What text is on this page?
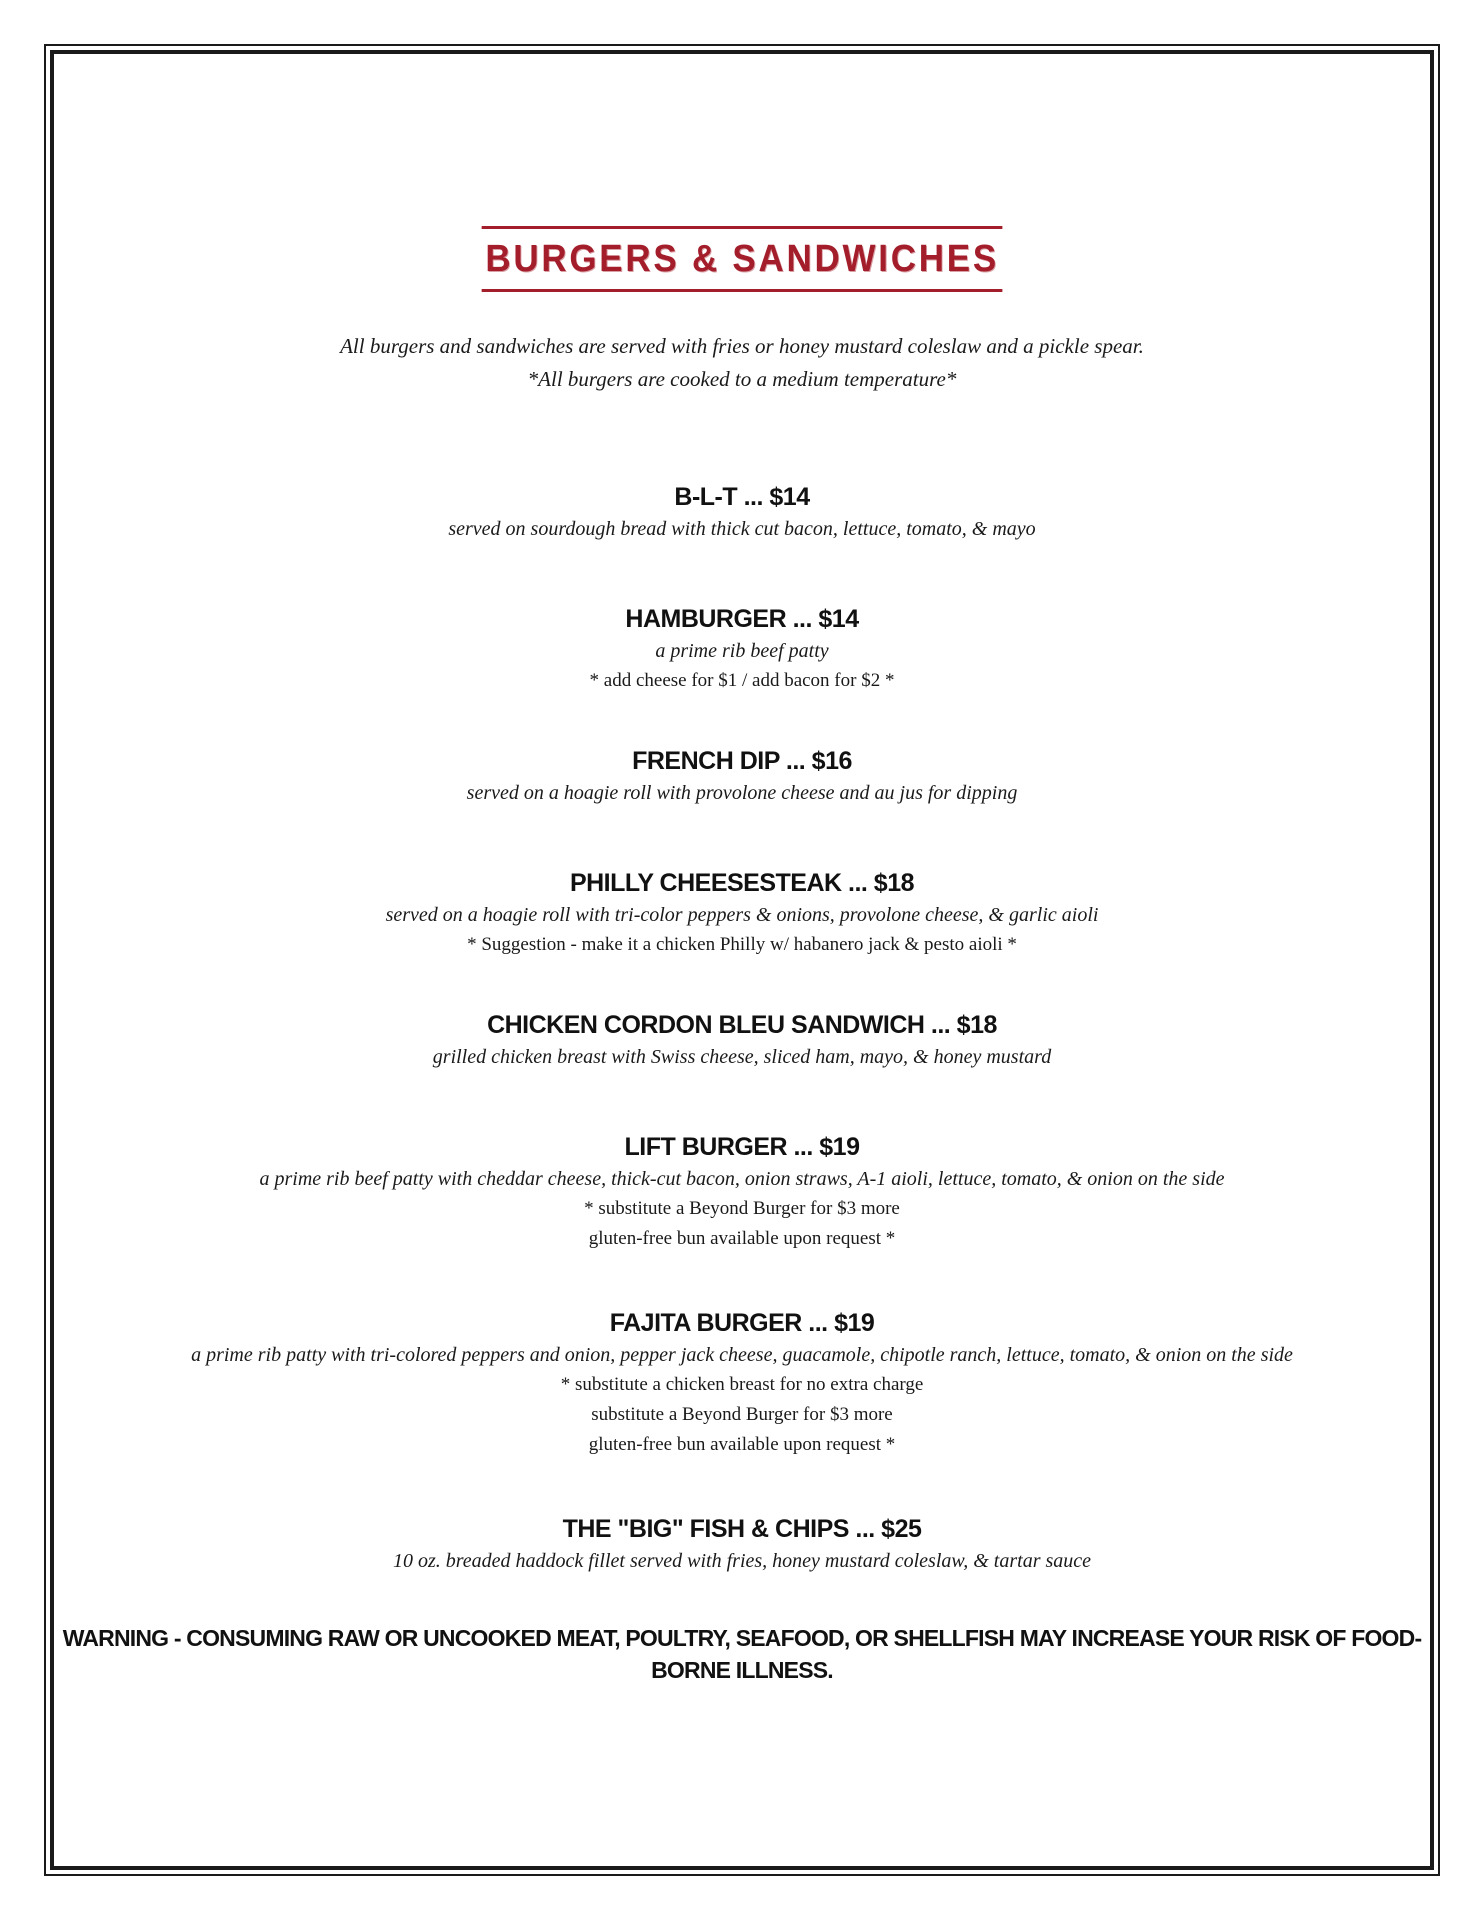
BURGERS & SANDWICHES
All burgers and sandwiches are served with fries or honey mustard coleslaw and a pickle spear.
*All burgers are cooked to a medium temperature*
B-L-T ... $14
served on sourdough bread with thick cut bacon, lettuce, tomato, & mayo
HAMBURGER ... $14
a prime rib beef patty
* add cheese for $1 / add bacon for $2 *
FRENCH DIP ... $16
served on a hoagie roll with provolone cheese and au jus for dipping
PHILLY CHEESESTEAK ... $18
served on a hoagie roll with tri-color peppers & onions, provolone cheese, & garlic aioli
* Suggestion - make it a chicken Philly w/ habanero jack & pesto aioli *
CHICKEN CORDON BLEU SANDWICH ... $18
grilled chicken breast with Swiss cheese, sliced ham, mayo, & honey mustard
LIFT BURGER ... $19
a prime rib beef patty with cheddar cheese, thick-cut bacon, onion straws, A-1 aioli, lettuce, tomato, & onion on the side
* substitute a Beyond Burger for $3 more
gluten-free bun available upon request *
FAJITA BURGER ... $19
a prime rib patty with tri-colored peppers and onion, pepper jack cheese, guacamole, chipotle ranch, lettuce, tomato, & onion on the side
* substitute a chicken breast for no extra charge
substitute a Beyond Burger for $3 more
gluten-free bun available upon request *
THE "BIG" FISH & CHIPS ... $25
10 oz. breaded haddock fillet served with fries, honey mustard coleslaw, & tartar sauce
WARNING - CONSUMING RAW OR UNCOOKED MEAT, POULTRY, SEAFOOD, OR SHELLFISH MAY INCREASE YOUR RISK OF FOOD-BORNE ILLNESS.
